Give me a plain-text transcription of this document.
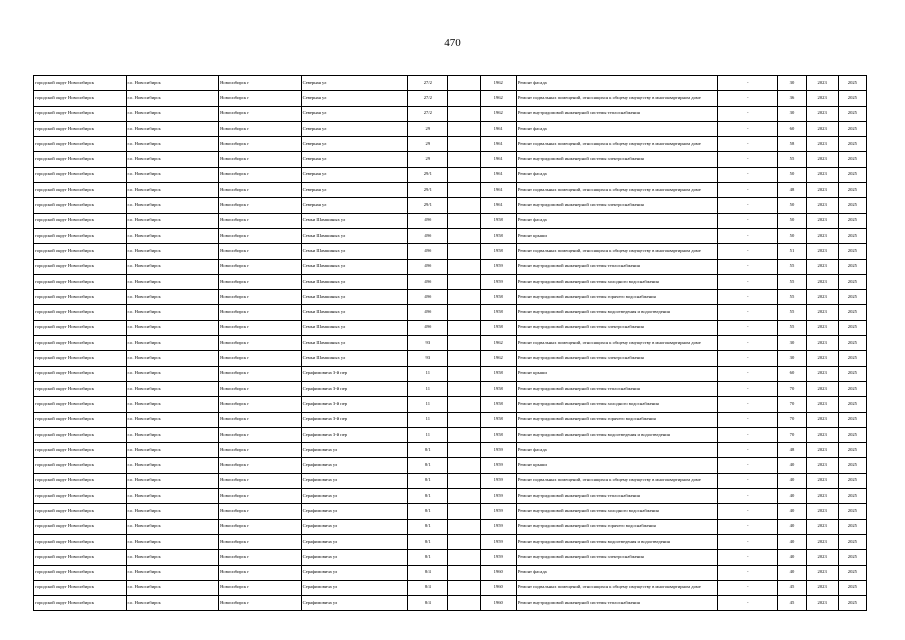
470
городской округ Новосибирск	г.о. Новосибирск	Новосибирск г	Северная ул	27/2		1962	Ремонт фасада	-	30	2023	2025
городской округ Новосибирск	г.о. Новосибирск	Новосибирск г	Северная ул	27/2		1962	Ремонт подвальных помещений, относящихся к общему имуществу в многоквартирном доме	-	36	2023	2025
городской округ Новосибирск	г.о. Новосибирск	Новосибирск г	Северная ул	27/2		1962	Ремонт внутридомовой инженерной системы теплоснабжения	-	30	2023	2025
городской округ Новосибирск	г.о. Новосибирск	Новосибирск г	Северная ул	29		1961	Ремонт фасада	-	60	2023	2025
городской округ Новосибирск	г.о. Новосибирск	Новосибирск г	Северная ул	29		1961	Ремонт подвальных помещений, относящихся к общему имуществу в многоквартирном доме	-	58	2023	2025
городской округ Новосибирск	г.о. Новосибирск	Новосибирск г	Северная ул	29		1961	Ремонт внутридомовой инженерной системы электроснабжения	-	55	2023	2025
городской округ Новосибирск	г.о. Новосибирск	Новосибирск г	Северная ул	29/1		1961	Ремонт фасада	-	50	2023	2025
городской округ Новосибирск	г.о. Новосибирск	Новосибирск г	Северная ул	29/1		1961	Ремонт подвальных помещений, относящихся к общему имуществу в многоквартирном доме	-	48	2023	2025
городской округ Новосибирск	г.о. Новосибирск	Новосибирск г	Северная ул	29/1		1961	Ремонт внутридомовой инженерной системы электроснабжения	-	50	2023	2025
городской округ Новосибирск	г.о. Новосибирск	Новосибирск г	Семьи Шамшиных ул	49б		1958	Ремонт фасада	-	50	2023	2025
городской округ Новосибирск	г.о. Новосибирск	Новосибирск г	Семьи Шамшиных ул	49б		1958	Ремонт крыши	-	50	2023	2025
городской округ Новосибирск	г.о. Новосибирск	Новосибирск г	Семьи Шамшиных ул	49б		1958	Ремонт подвальных помещений, относящихся к общему имуществу в многоквартирном доме	-	51	2023	2025
городской округ Новосибирск	г.о. Новосибирск	Новосибирск г	Семьи Шамшиных ул	49б		1959	Ремонт внутридомовой инженерной системы теплоснабжения	-	55	2023	2025
городской округ Новосибирск	г.о. Новосибирск	Новосибирск г	Семьи Шамшиных ул	49б		1959	Ремонт внутридомовой инженерной системы холодного водоснабжения	-	55	2023	2025
городской округ Новосибирск	г.о. Новосибирск	Новосибирск г	Семьи Шамшиных ул	49б		1958	Ремонт внутридомовой инженерной системы горячего водоснабжения	-	55	2023	2025
городской округ Новосибирск	г.о. Новосибирск	Новосибирск г	Семьи Шамшиных ул	49б		1958	Ремонт внутридомовой инженерной системы водоотведения и водоотведения	-	55	2023	2025
городской округ Новосибирск	г.о. Новосибирск	Новосибирск г	Семьи Шамшиных ул	49б		1958	Ремонт внутридомовой инженерной системы электроснабжения	-	55	2023	2025
городской округ Новосибирск	г.о. Новосибирск	Новосибирск г	Семьи Шамшиных ул	93		1962	Ремонт подвальных помещений, относящихся к общему имуществу в многоквартирном доме	-	30	2023	2025
городской округ Новосибирск	г.о. Новосибирск	Новосибирск г	Семьи Шамшиных ул	93		1962	Ремонт внутридомовой инженерной системы электроснабжения	-	30	2023	2025
городской округ Новосибирск	г.о. Новосибирск	Новосибирск г	Серафимовича 3-й пер	11		1958	Ремонт крыши	-	60	2023	2025
городской округ Новосибирск	г.о. Новосибирск	Новосибирск г	Серафимовича 3-й пер	11		1958	Ремонт внутридомовой инженерной системы теплоснабжения	-	70	2023	2025
городской округ Новосибирск	г.о. Новосибирск	Новосибирск г	Серафимовича 3-й пер	11		1958	Ремонт внутридомовой инженерной системы холодного водоснабжения	-	70	2023	2025
городской округ Новосибирск	г.о. Новосибирск	Новосибирск г	Серафимовича 3-й пер	11		1958	Ремонт внутридомовой инженерной системы горячего водоснабжения	-	70	2023	2025
городской округ Новосибирск	г.о. Новосибирск	Новосибирск г	Серафимовича 3-й пер	11		1958	Ремонт внутридомовой инженерной системы водоотведения и водоотведения	-	70	2023	2025
городской округ Новосибирск	г.о. Новосибирск	Новосибирск г	Серафимовича ул	8/1		1959	Ремонт фасада	-	48	2023	2025
городской округ Новосибирск	г.о. Новосибирск	Новосибирск г	Серафимовича ул	8/1		1959	Ремонт крыши	-	40	2023	2025
городской округ Новосибирск	г.о. Новосибирск	Новосибирск г	Серафимовича ул	8/1		1959	Ремонт подвальных помещений, относящихся к общему имуществу в многоквартирном доме	-	40	2023	2025
городской округ Новосибирск	г.о. Новосибирск	Новосибирск г	Серафимовича ул	8/1		1959	Ремонт внутридомовой инженерной системы теплоснабжения	-	40	2023	2025
городской округ Новосибирск	г.о. Новосибирск	Новосибирск г	Серафимовича ул	8/1		1959	Ремонт внутридомовой инженерной системы холодного водоснабжения	-	40	2023	2025
городской округ Новосибирск	г.о. Новосибирск	Новосибирск г	Серафимовича ул	8/1		1959	Ремонт внутридомовой инженерной системы горячего водоснабжения	-	40	2023	2025
городской округ Новосибирск	г.о. Новосибирск	Новосибирск г	Серафимовича ул	8/1		1959	Ремонт внутридомовой инженерной системы водоотведения и водоотведения	-	40	2023	2025
городской округ Новосибирск	г.о. Новосибирск	Новосибирск г	Серафимовича ул	8/1		1959	Ремонт внутридомовой инженерной системы электроснабжения	-	40	2023	2025
городской округ Новосибирск	г.о. Новосибирск	Новосибирск г	Серафимовича ул	8/4		1960	Ремонт фасада	-	40	2023	2025
городской округ Новосибирск	г.о. Новосибирск	Новосибирск г	Серафимовича ул	8/4		1960	Ремонт подвальных помещений, относящихся к общему имуществу в многоквартирном доме	-	45	2023	2025
городской округ Новосибирск	г.о. Новосибирск	Новосибирск г	Серафимовича ул	8/4		1960	Ремонт внутридомовой инженерной системы теплоснабжения	-	45	2023	2025
